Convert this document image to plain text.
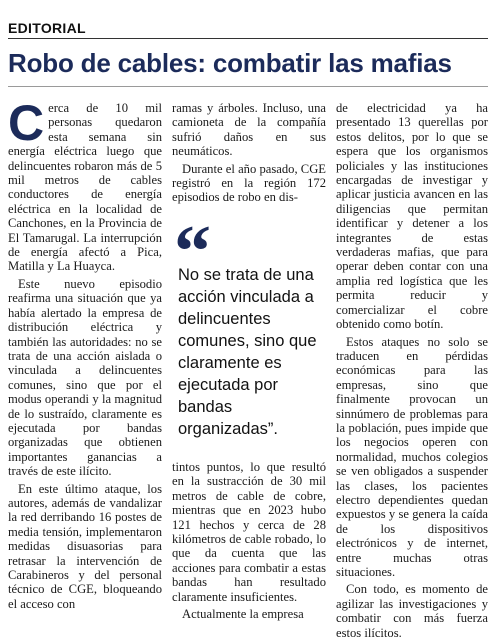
EDITORIAL
Robo de cables: combatir las mafias

Cerca de 10 mil personas quedaron esta semana sin energía eléctrica luego que delincuentes robaron más de 5 mil metros de cables conductores de energía eléctrica en la localidad de Canchones, en la Provincia de El Tamarugal. La interrupción de energía afectó a Pica, Matilla y La Huayca.

Este nuevo episodio reafirma una situación que ya había alertado la empresa de distribución eléctrica y también las autoridades: no se trata de una acción aislada o vinculada a delincuentes comunes, sino que por el modus operandi y la magnitud de lo sustraído, claramente es ejecutada por bandas organizadas que obtienen importantes ganancias a través de este ilícito.

En este último ataque, los autores, además de vandalizar la red derribando 16 postes de media tensión, implementaron medidas disuasorias para retrasar la intervención de Carabineros y del personal técnico de CGE, bloqueando el acceso con

ramas y árboles. Incluso, una camioneta de la compañía sufrió daños en sus neumáticos.

Durante el año pasado, CGE registró en la región 172 episodios de robo en dis-

“
No se trata de una acción vinculada a delincuentes comunes, sino que claramente es ejecutada por bandas organizadas”.

tintos puntos, lo que resultó en la sustracción de 30 mil metros de cable de cobre, mientras que en 2023 hubo 121 hechos y cerca de 28 kilómetros de cable robado, lo que da cuenta que las acciones para combatir a estas bandas han resultado claramente insuficientes.

Actualmente la empresa

de electricidad ya ha presentado 13 querellas por estos delitos, por lo que se espera que los organismos policiales y las instituciones encargadas de investigar y aplicar justicia avancen en las diligencias que permitan identificar y detener a los integrantes de estas verdaderas mafias, que para operar deben contar con una amplia red logística que les permita reducir y comercializar el cobre obtenido como botín.

Estos ataques no solo se traducen en pérdidas económicas para las empresas, sino que finalmente provocan un sinnúmero de problemas para la población, pues impide que los negocios operen con normalidad, muchos colegios se ven obligados a suspender las clases, los pacientes electro dependientes quedan expuestos y se genera la caída de los dispositivos electrónicos y de internet, entre muchas otras situaciones.

Con todo, es momento de agilizar las investigaciones y combatir con más fuerza estos ilícitos.
